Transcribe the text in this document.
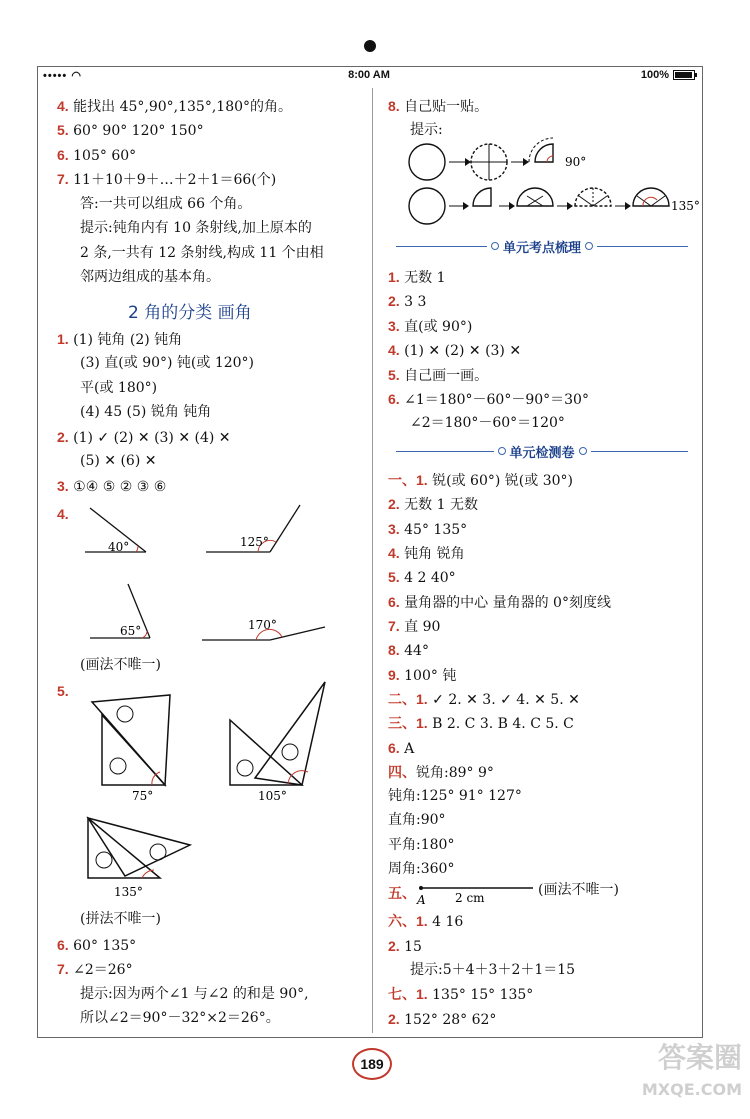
••••• ◠	8:00 AM	100%
4. 能找出 45°,90°,135°,180°的角。
5. 60° 90° 120° 150°
6. 105° 60°
7. 11＋10＋9＋…＋2＋1＝66(个)
答:一共可以组成 66 个角。
提示:钝角内有 10 条射线,加上原本的
2 条,一共有 12 条射线,构成 11 个由相
邻两边组成的基本角。
2 角的分类 画角
1. (1) 钝角 (2) 钝角
(3) 直(或 90°) 钝(或 120°)
平(或 180°)
(4) 45 (5) 锐角 钝角
2. (1) ✓ (2) ✕ (3) ✕ (4) ✕
(5) ✕ (6) ✕
3. ①④ ⑤ ② ③ ⑥
4.
40°	125°
65°	170°
(画法不唯一)
5.
75°	105°
135°
(拼法不唯一)
6. 60° 135°
7. ∠2＝26°
提示:因为两个∠1 与∠2 的和是 90°,
所以∠2＝90°－32°×2＝26°。
8. 自己贴一贴。
提示:
90°
135°
单元考点梳理
1. 无数 1
2. 3 3
3. 直(或 90°)
4. (1) ✕ (2) ✕ (3) ✕
5. 自己画一画。
6. ∠1＝180°－60°－90°＝30°
∠2＝180°－60°＝120°
单元检测卷
一、1. 锐(或 60°) 锐(或 30°)
2. 无数 1 无数
3. 45° 135°
4. 钝角 锐角
5. 4 2 40°
6. 量角器的中心 量角器的 0°刻度线
7. 直 90
8. 44°
9. 100° 钝
二、1. ✓ 2. ✕ 3. ✓ 4. ✕ 5. ✕
三、1. B 2. C 3. B 4. C 5. C
6. A
四、锐角:89° 9°
钝角:125° 91° 127°
直角:90°
平角:180°
周角:360°
五、 A 2 cm	(画法不唯一)
六、1. 4 16
2. 15
提示:5＋4＋3＋2＋1＝15
七、1. 135° 15° 135°
2. 152° 28° 62°
189	答案圈
MXQE.COM
